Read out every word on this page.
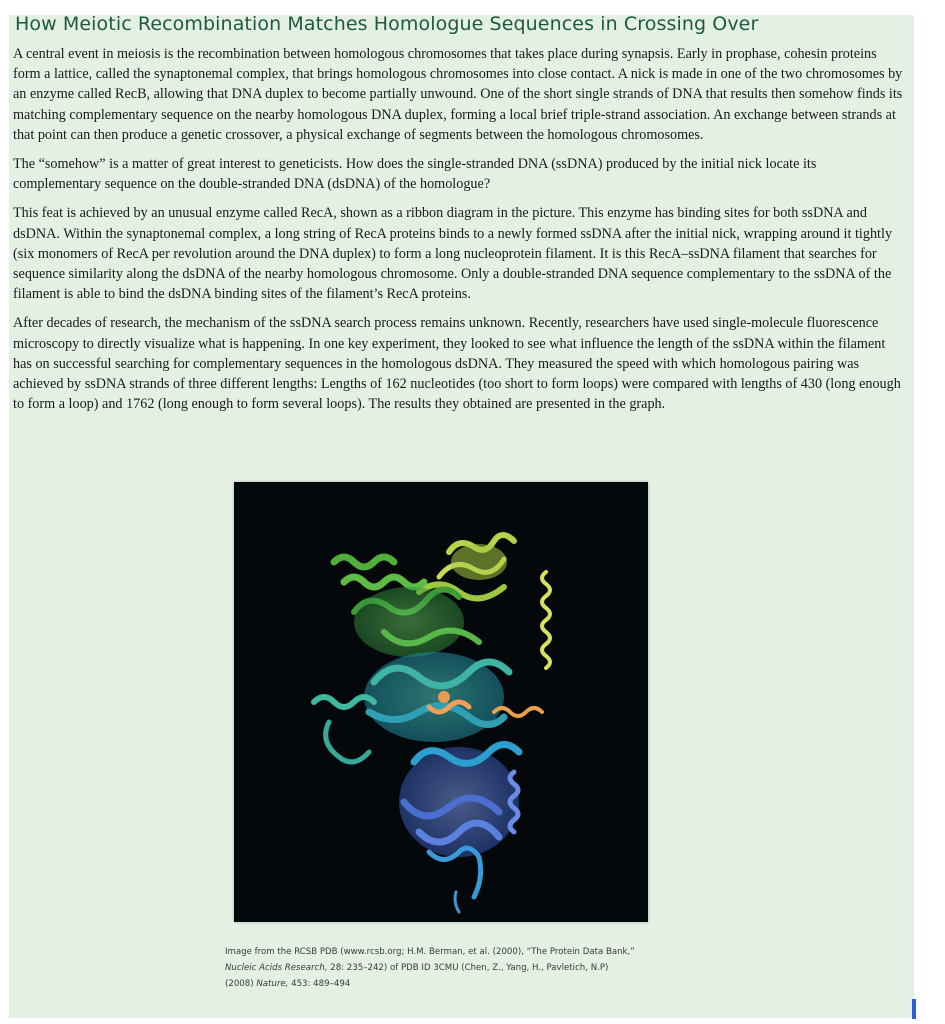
How Meiotic Recombination Matches Homologue Sequences in Crossing Over

A central event in meiosis is the recombination between homologous chromosomes that takes place during synapsis. Early in prophase, cohesin proteins form a lattice, called the synaptonemal complex, that brings homologous chromosomes into close contact. A nick is made in one of the two chromosomes by an enzyme called RecB, allowing that DNA duplex to become partially unwound. One of the short single strands of DNA that results then somehow finds its matching complementary sequence on the nearby homologous DNA duplex, forming a local brief triple-strand association. An exchange between strands at that point can then produce a genetic crossover, a physical exchange of segments between the homologous chromosomes.

The “somehow” is a matter of great interest to geneticists. How does the single-stranded DNA (ssDNA) produced by the initial nick locate its complementary sequence on the double-stranded DNA (dsDNA) of the homologue?

This feat is achieved by an unusual enzyme called RecA, shown as a ribbon diagram in the picture. This enzyme has binding sites for both ssDNA and dsDNA. Within the synaptonemal complex, a long string of RecA proteins binds to a newly formed ssDNA after the initial nick, wrapping around it tightly (six monomers of RecA per revolution around the DNA duplex) to form a long nucleoprotein filament. It is this RecA–ssDNA filament that searches for sequence similarity along the dsDNA of the nearby homologous chromosome. Only a double-stranded DNA sequence complementary to the ssDNA of the filament is able to bind the dsDNA binding sites of the filament’s RecA proteins.

After decades of research, the mechanism of the ssDNA search process remains unknown. Recently, researchers have used single-molecule fluorescence microscopy to directly visualize what is happening. In one key experiment, they looked to see what influence the length of the ssDNA within the filament has on successful searching for complementary sequences in the homologous dsDNA. They measured the speed with which homologous pairing was achieved by ssDNA strands of three different lengths: Lengths of 162 nucleotides (too short to form loops) were compared with lengths of 430 (long enough to form a loop) and 1762 (long enough to form several loops). The results they obtained are presented in the graph.

Image from the RCSB PDB (www.rcsb.org; H.M. Berman, et al. (2000), “The Protein Data Bank,”
Nucleic Acids Research, 28: 235–242) of PDB ID 3CMU (Chen, Z., Yang, H., Pavletich, N.P)
(2008) Nature, 453: 489–494
